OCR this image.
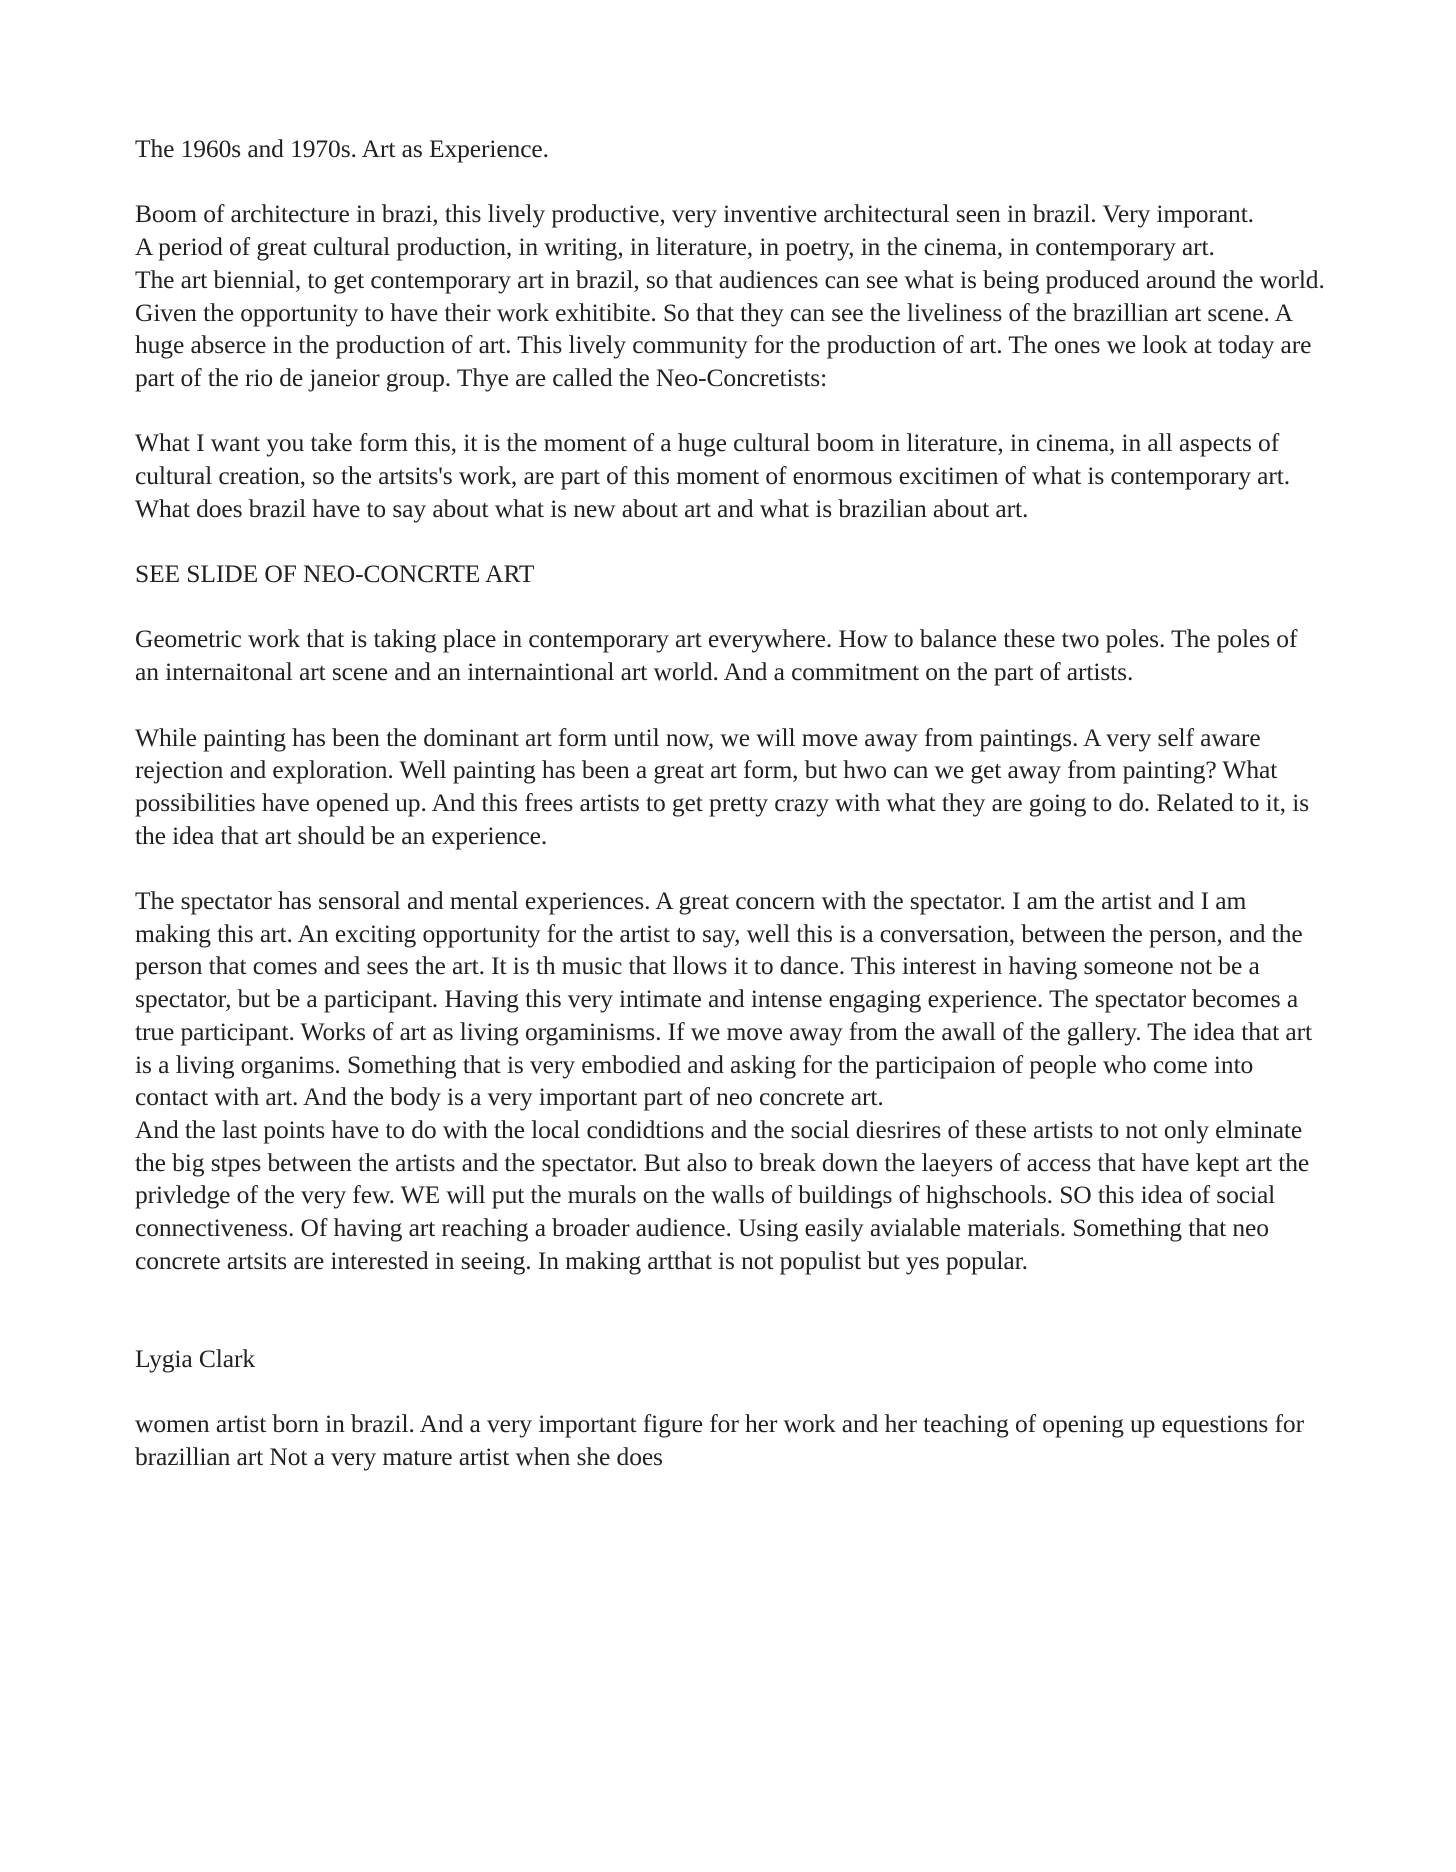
The 1960s and 1970s. Art as Experience.

Boom of architecture in brazi, this lively productive, very inventive architectural seen in brazil. Very imporant.

A period of great cultural production, in writing, in literature, in poetry, in the cinema, in contemporary art.

The art biennial, to get contemporary art in brazil, so that audiences can see what is being produced around the world. Given the opportunity to have their work exhitibite. So that they can see the liveliness of the brazillian art scene. A huge abserce in the production of art. This lively community for the production of art. The ones we look at today are part of the rio de janeior group. Thye are called the Neo-Concretists:

What I want you take form this, it is the moment of a huge cultural boom in literature, in cinema, in all aspects of cultural creation, so the artsits's work, are part of this moment of enormous excitimen of what is contemporary art. What does brazil have to say about what is new about art and what is brazilian about art.

SEE SLIDE OF NEO-CONCRTE ART

Geometric work that is taking place in contemporary art everywhere. How to balance these two poles. The poles of an internaitonal art scene and an internaintional art world. And a commitment on the part of artists.

While painting has been the dominant art form until now, we will move away from paintings. A very self aware rejection and exploration. Well painting has been a great art form, but hwo can we get away from painting? What possibilities have opened up. And this frees artists to get pretty crazy with what they are going to do. Related to it, is the idea that art should be an experience.

The spectator has sensoral and mental experiences. A great concern with the spectator. I am the artist and I am making this art. An exciting opportunity for the artist to say, well this is a conversation, between the person, and the person that comes and sees the art. It is th music that llows it to dance. This interest in having someone not be a spectator, but be a participant. Having this very intimate and intense engaging experience. The spectator becomes a true participant. Works of art as living orgaminisms. If we move away from the awall of the gallery. The idea that art is a living organims. Something that is very embodied and asking for the participaion of people who come into contact with art. And the body is a very important part of neo concrete art.

And the last points have to do with the local condidtions and the social diesrires of these artists to not only elminate the big stpes between the artists and the spectator. But also to break down the laeyers of access that have kept art the privledge of the very few. WE will put the murals on the walls of buildings of highschools. SO this idea of social connectiveness. Of having art reaching a broader audience. Using easily avialable materials. Something that neo concrete artsits are interested in seeing. In making artthat is not populist but yes popular.

Lygia Clark

women artist born in brazil. And a very important figure for her work and her teaching of opening up equestions for brazillian art Not a very mature artist when she does
